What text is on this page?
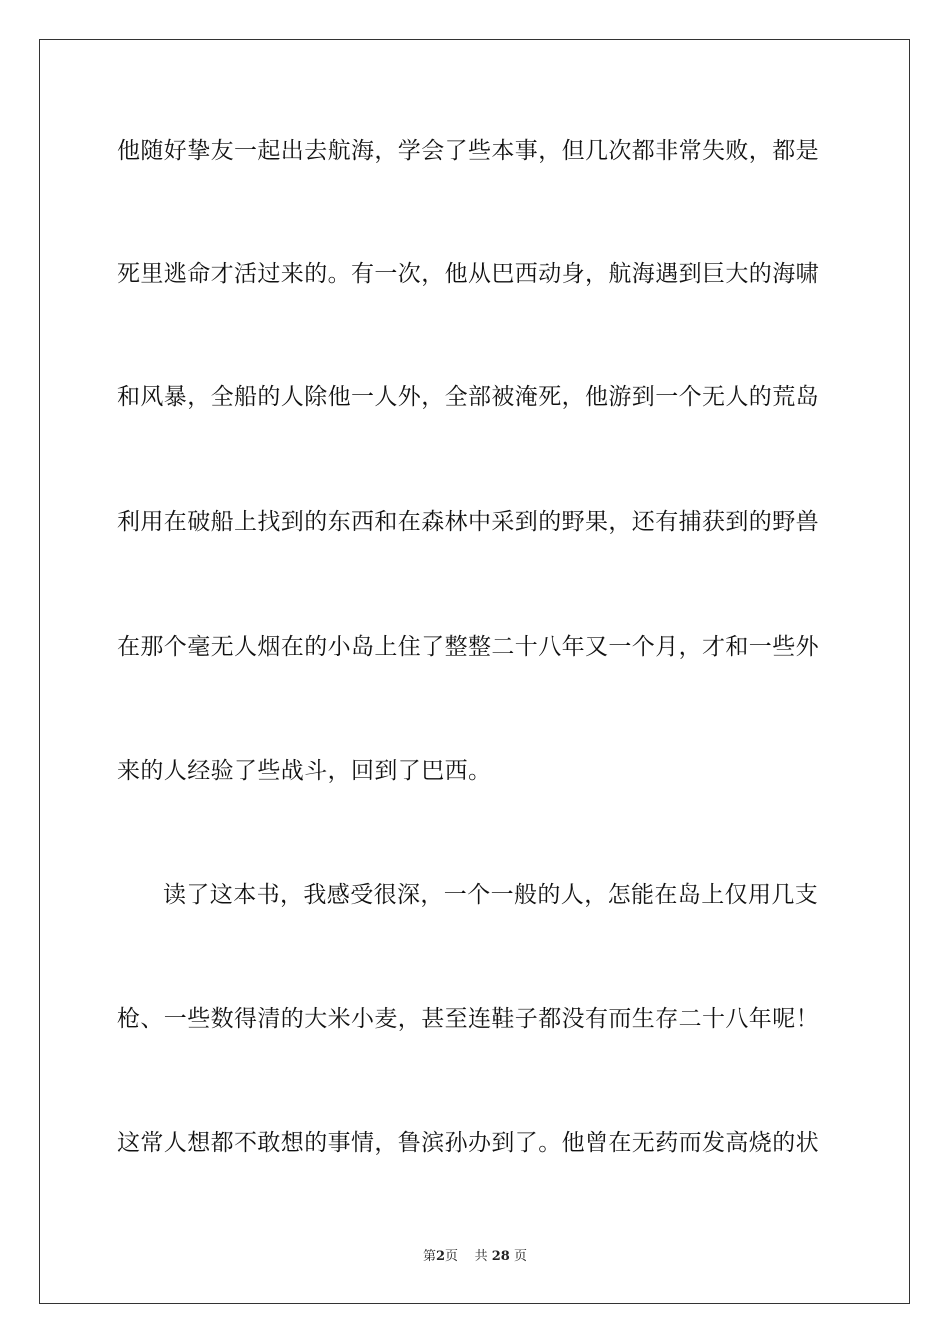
他随好挚友一起出去航海，学会了些本事，但几次都非常失败，都是
死里逃命才活过来的。有一次，他从巴西动身，航海遇到巨大的海啸
和风暴，全船的人除他一人外，全部被淹死，他游到一个无人的荒岛
利用在破船上找到的东西和在森林中采到的野果，还有捕获到的野兽
在那个毫无人烟在的小岛上住了整整二十八年又一个月，才和一些外
来的人经验了些战斗，回到了巴西。
读了这本书，我感受很深，一个一般的人，怎能在岛上仅用几支
枪、一些数得清的大米小麦，甚至连鞋子都没有而生存二十八年呢！
这常人想都不敢想的事情，鲁滨孙办到了。他曾在无药而发高烧的状
第2页 共 28 页
